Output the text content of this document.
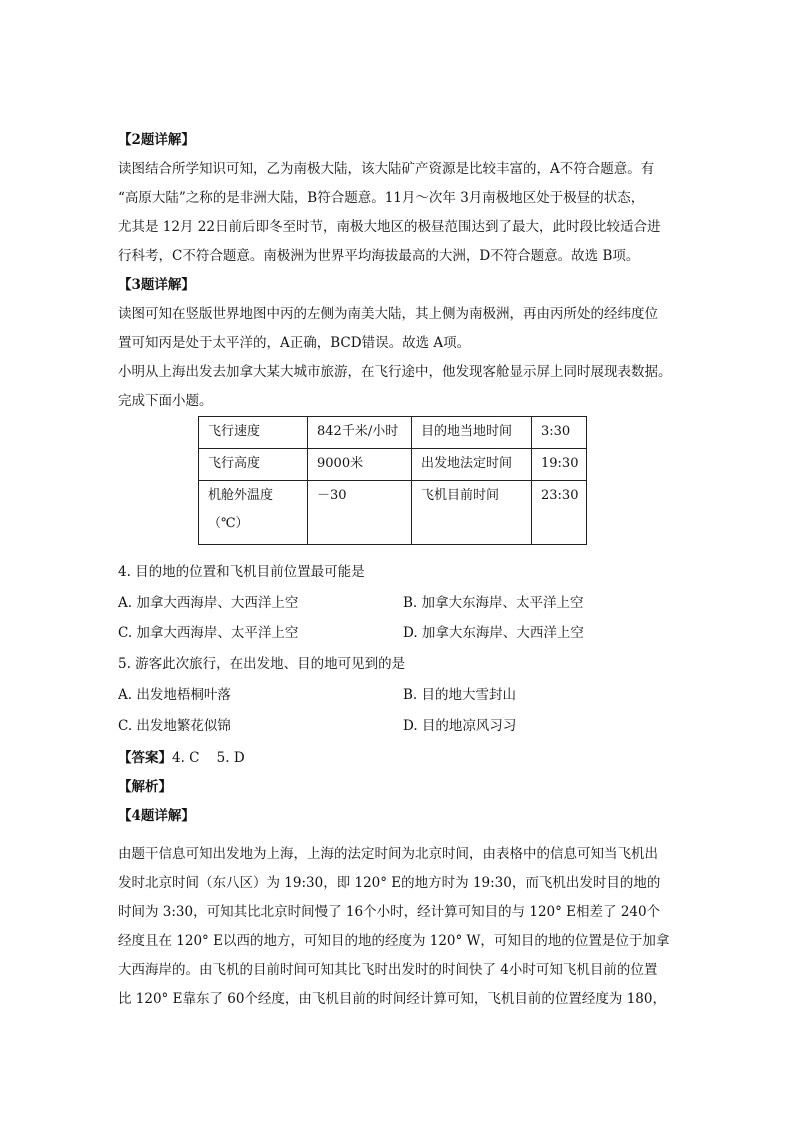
【2题详解】
读图结合所学知识可知，乙为南极大陆，该大陆矿产资源是比较丰富的，A不符合题意。有
“高原大陆”之称的是非洲大陆，B符合题意。11月～次年 3月南极地区处于极昼的状态，
尤其是 12月 22日前后即冬至时节，南极大地区的极昼范围达到了最大，此时段比较适合进
行科考，C不符合题意。南极洲为世界平均海拔最高的大洲，D不符合题意。故选 B项。
【3题详解】
读图可知在竖版世界地图中丙的左侧为南美大陆，其上侧为南极洲，再由丙所处的经纬度位
置可知丙是处于太平洋的，A正确，BCD错误。故选 A项。
小明从上海出发去加拿大某大城市旅游，在飞行途中，他发现客舱显示屏上同时展现表数据。
完成下面小题。
飞行速度	842千米/小时	目的地当地时间	3:30
飞行高度	9000米	出发地法定时间	19:30

机舱外温度
（℃）	－30	飞机目前时间	23:30
4. 目的地的位置和飞机目前位置最可能是
A. 加拿大西海岸、大西洋上空	B. 加拿大东海岸、太平洋上空
C. 加拿大西海岸、太平洋上空	D. 加拿大东海岸、大西洋上空
5. 游客此次旅行，在出发地、目的地可见到的是
A. 出发地梧桐叶落	B. 目的地大雪封山
C. 出发地繁花似锦	D. 目的地凉风习习
【答案】4. C    5. D
【解析】
【4题详解】
由题干信息可知出发地为上海，上海的法定时间为北京时间，由表格中的信息可知当飞机出
发时北京时间（东八区）为 19:30，即 120° E的地方时为 19:30，而飞机出发时目的地的
时间为 3:30，可知其比北京时间慢了 16个小时，经计算可知目的与 120° E相差了 240个
经度且在 120° E以西的地方，可知目的地的经度为 120° W，可知目的地的位置是位于加拿
大西海岸的。由飞机的目前时间可知其比飞时出发时的时间快了 4小时可知飞机目前的位置
比 120° E靠东了 60个经度，由飞机目前的时间经计算可知，飞机目前的位置经度为 180，
